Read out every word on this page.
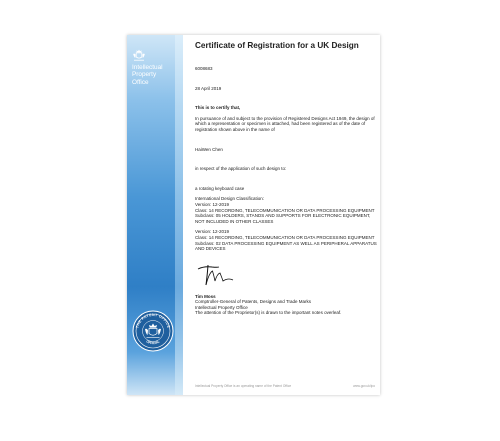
Intellectual
Property
Office
THE PATENT OFFICE
OFFICIAL
Certificate of Registration for a UK Design
6008683
28 April 2019
This is to certify that,
In pursuance of and subject to the provision of Registered Designs Act 1949, the design of which a representation or specimen is attached, had been registered as of the date of registration shown above in the name of
HaiWen Chen
in respect of the application of such design to:
a rotating keyboard case
International Design Classification:
Version: 12-2019
Class: 14 RECORDING, TELECOMMUNICATION OR DATA PROCESSING EQUIPMENT
Subclass: 05 HOLDERS, STANDS AND SUPPORTS FOR ELECTRONIC EQUIPMENT, NOT INCLUDED IN OTHER CLASSES
Version: 12-2019
Class: 14 RECORDING, TELECOMMUNICATION OR DATA PROCESSING EQUIPMENT
Subclass: 02 DATA PROCESSING EQUIPMENT AS WELL AS PERIPHERAL APPARATUS AND DEVICES
Tim Moss
Comptroller-General of Patents, Designs and Trade Marks
Intellectual Property Office
The attention of the Proprietor(s) is drawn to the important notes overleaf.
Intellectual Property Office is an operating name of the Patent Office	www.gov.uk/ipo
